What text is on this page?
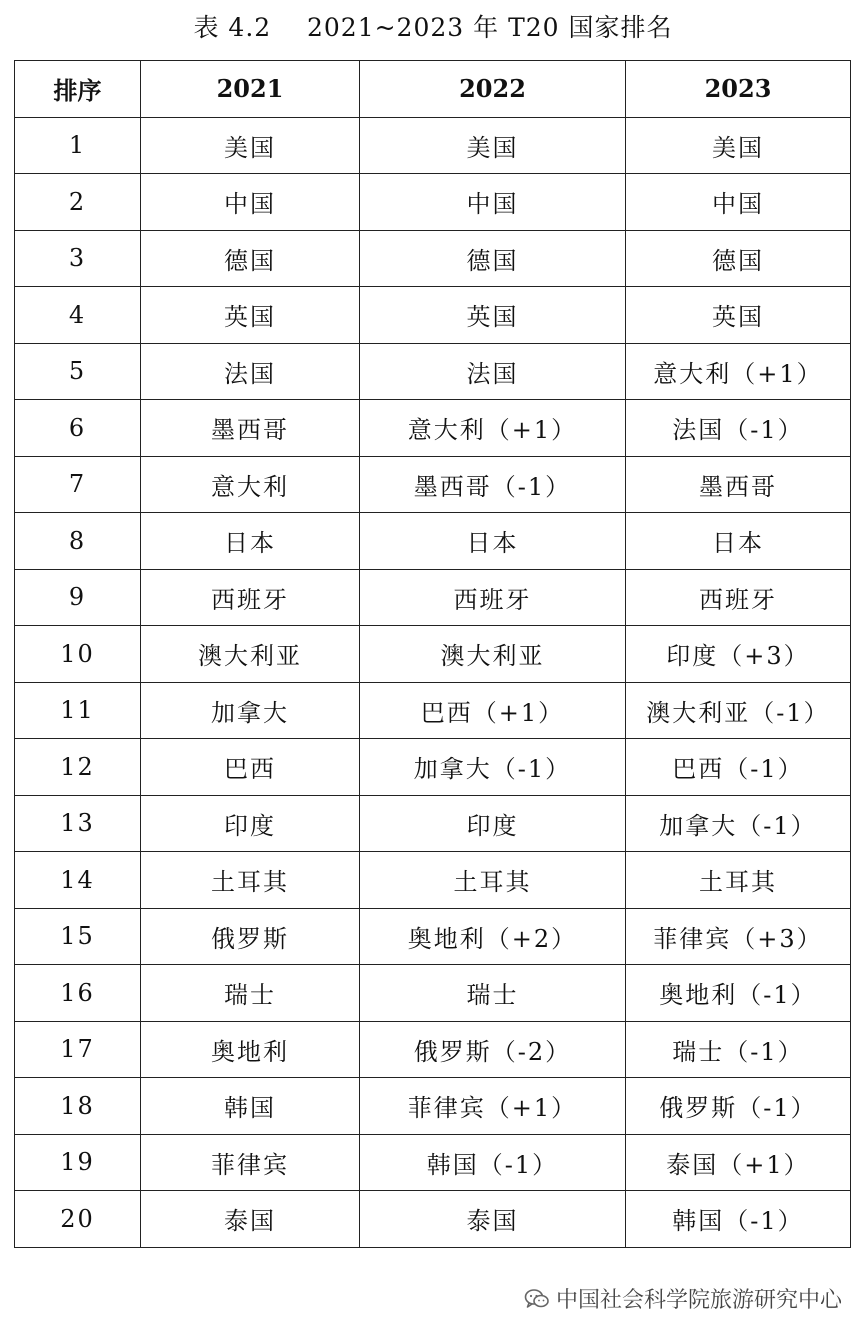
表 4.2    2021~2023 年 T20 国家排名
排序	2021	2022	2023
1	美国	美国	美国
2	中国	中国	中国
3	德国	德国	德国
4	英国	英国	英国
5	法国	法国	意大利（+1）
6	墨西哥	意大利（+1）	法国（-1）
7	意大利	墨西哥（-1）	墨西哥
8	日本	日本	日本
9	西班牙	西班牙	西班牙
10	澳大利亚	澳大利亚	印度（+3）
11	加拿大	巴西（+1）	澳大利亚（-1）
12	巴西	加拿大（-1）	巴西（-1）
13	印度	印度	加拿大（-1）
14	土耳其	土耳其	土耳其
15	俄罗斯	奥地利（+2）	菲律宾（+3）
16	瑞士	瑞士	奥地利（-1）
17	奥地利	俄罗斯（-2）	瑞士（-1）
18	韩国	菲律宾（+1）	俄罗斯（-1）
19	菲律宾	韩国（-1）	泰国（+1）
20	泰国	泰国	韩国（-1）
中国社会科学院旅游研究中心
